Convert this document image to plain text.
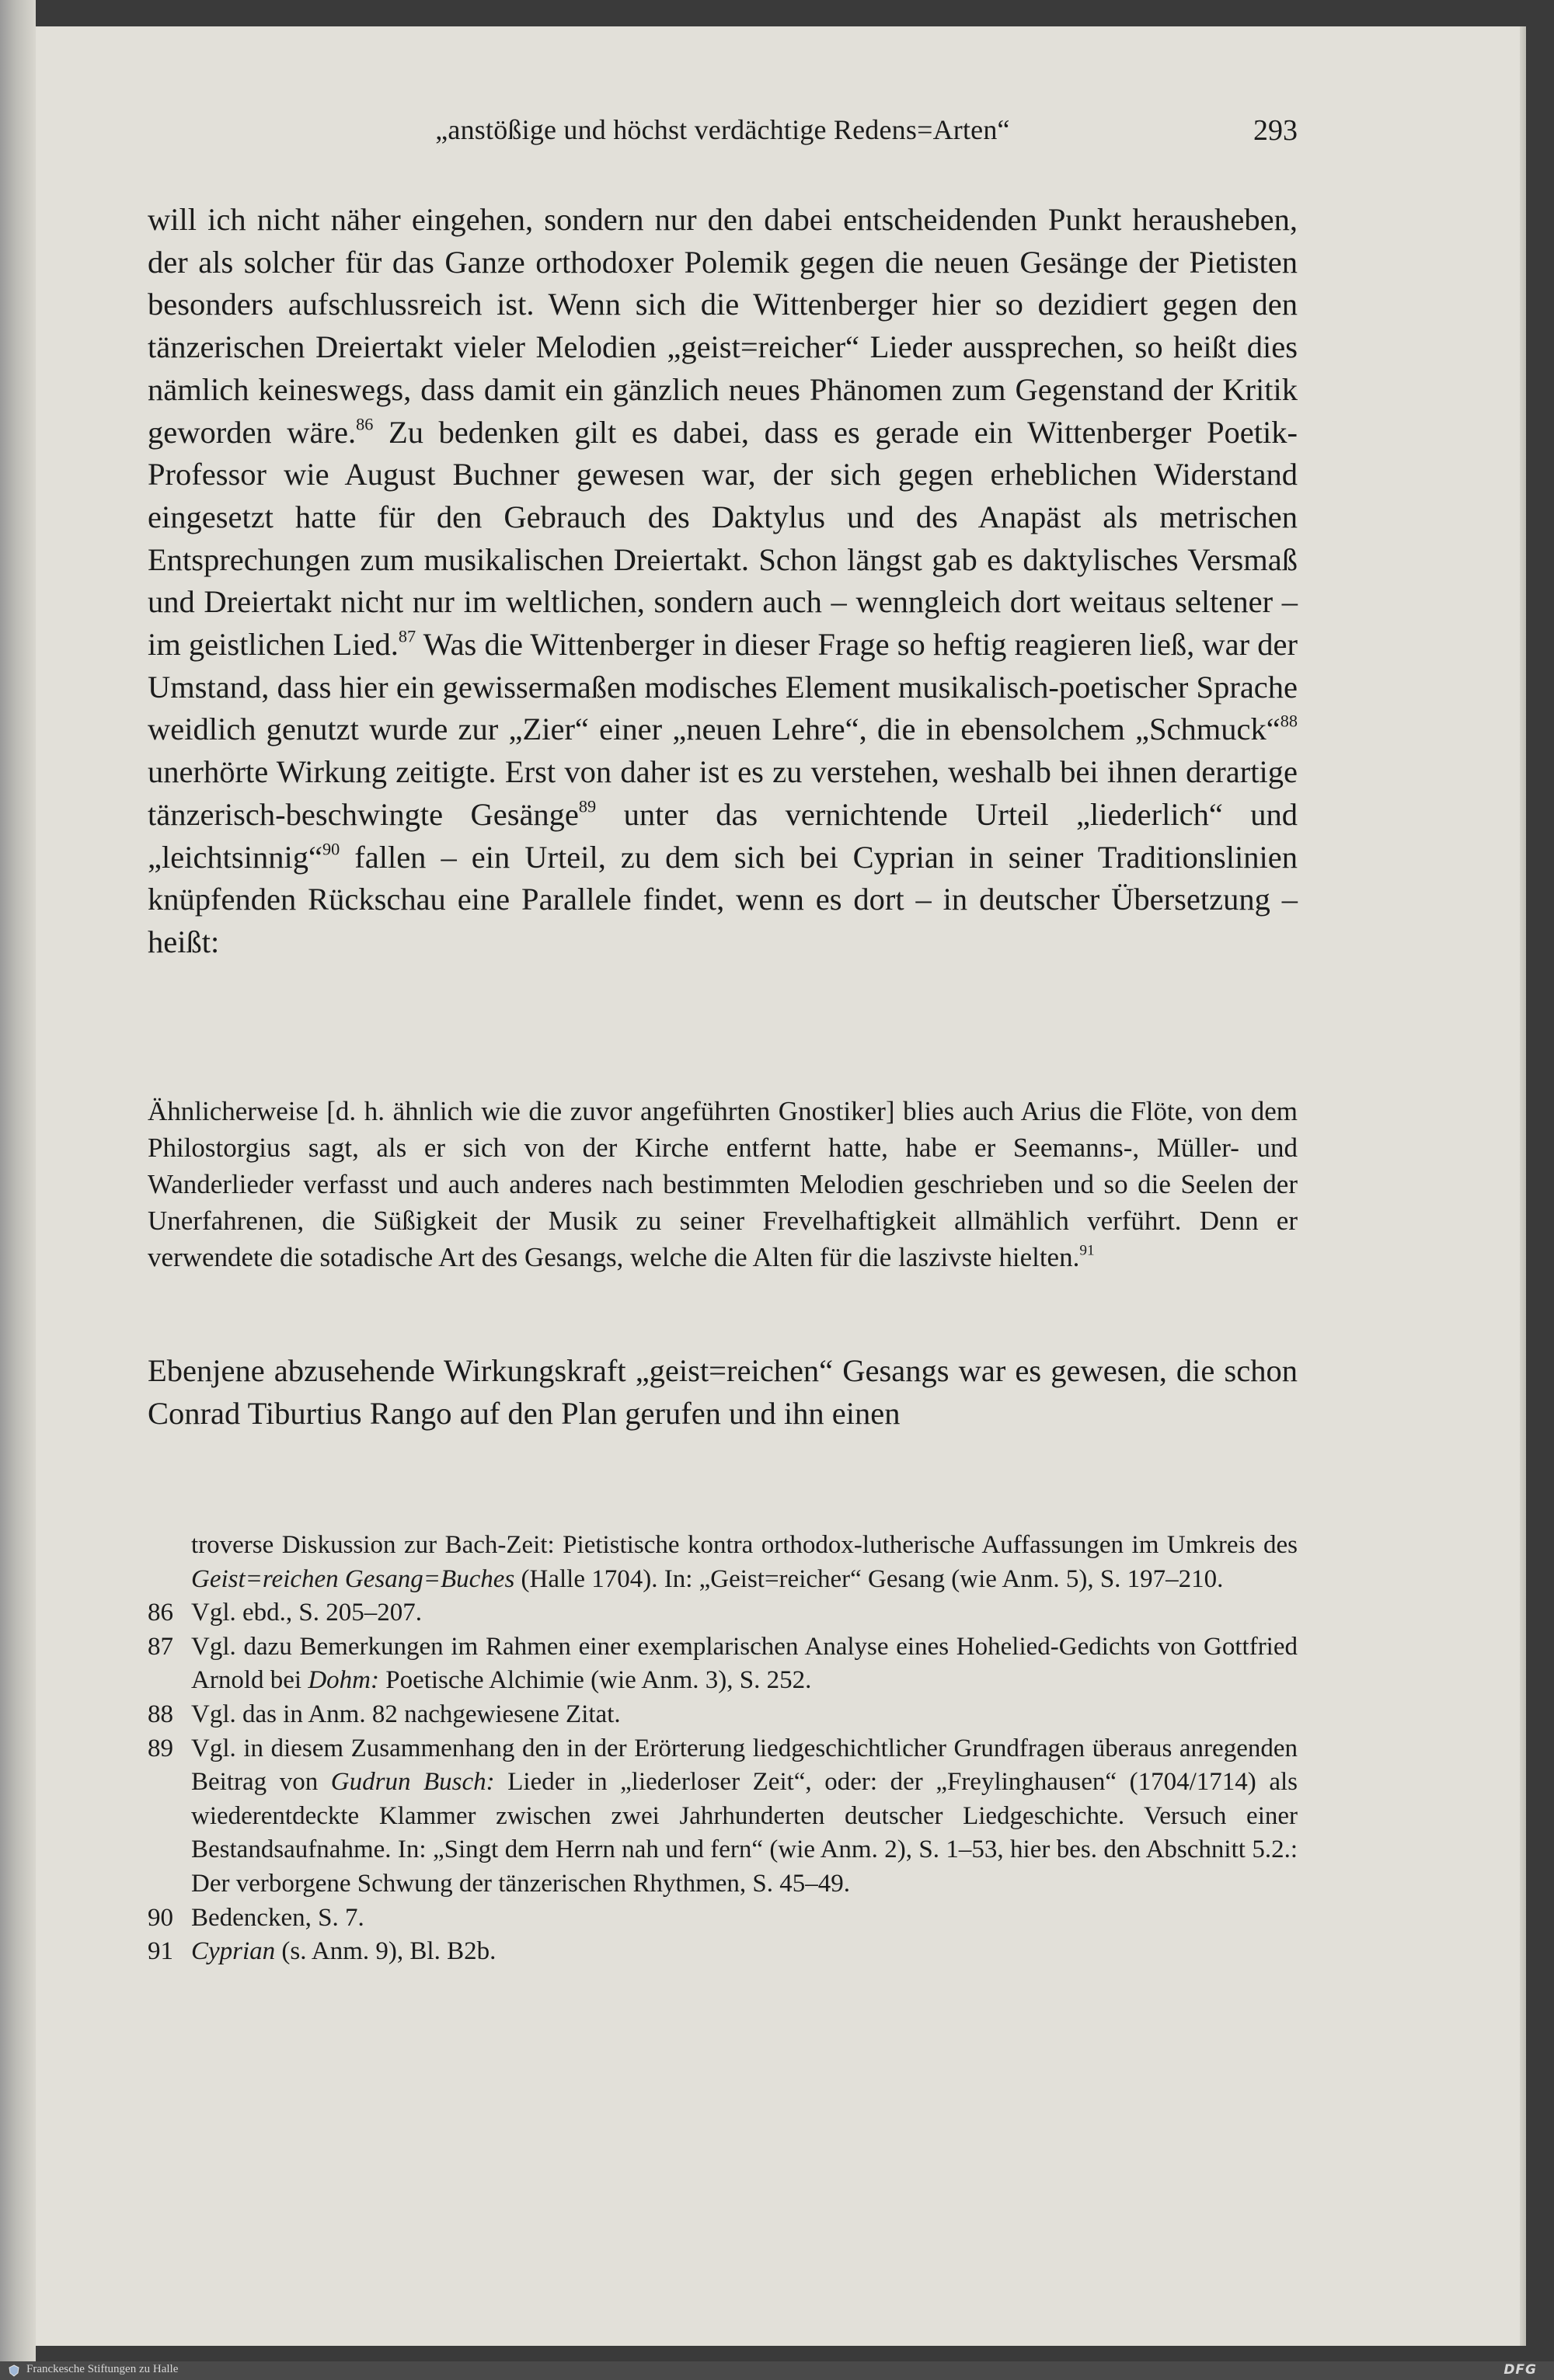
„anstößige und höchst verdächtige Redens=Arten“	293

will ich nicht näher eingehen, sondern nur den dabei entscheidenden Punkt herausheben, der als solcher für das Ganze orthodoxer Polemik gegen die neuen Gesänge der Pietisten besonders aufschlussreich ist. Wenn sich die Wittenberger hier so dezidiert gegen den tänzerischen Dreiertakt vieler Melodien „geist=reicher“ Lieder aussprechen, so heißt dies nämlich keineswegs, dass damit ein gänzlich neues Phänomen zum Gegenstand der Kritik geworden wäre.$^{86}$ Zu bedenken gilt es dabei, dass es gerade ein Wittenberger Poetik-Professor wie August Buchner gewesen war, der sich gegen erheblichen Widerstand eingesetzt hatte für den Gebrauch des Daktylus und des Anapäst als metrischen Entsprechungen zum musikalischen Dreiertakt. Schon längst gab es daktylisches Versmaß und Dreiertakt nicht nur im weltlichen, sondern auch – wenngleich dort weitaus seltener – im geistlichen Lied.$^{87}$ Was die Wittenberger in dieser Frage so heftig reagieren ließ, war der Umstand, dass hier ein gewissermaßen modisches Element musikalisch-poetischer Sprache weidlich genutzt wurde zur „Zier“ einer „neuen Lehre“, die in ebensolchem „Schmuck“$^{88}$ unerhörte Wirkung zeitigte. Erst von daher ist es zu verstehen, weshalb bei ihnen derartige tänzerisch-beschwingte Gesänge$^{89}$ unter das vernichtende Urteil „liederlich“ und „leichtsinnig“$^{90}$ fallen – ein Urteil, zu dem sich bei Cyprian in seiner Traditionslinien knüpfenden Rückschau eine Parallele findet, wenn es dort – in deutscher Übersetzung – heißt:

Ähnlicherweise [d. h. ähnlich wie die zuvor angeführten Gnostiker] blies auch Arius die Flöte, von dem Philostorgius sagt, als er sich von der Kirche entfernt hatte, habe er Seemanns-, Müller- und Wanderlieder verfasst und auch anderes nach bestimmten Melodien geschrieben und so die Seelen der Unerfahrenen, die Süßigkeit der Musik zu seiner Frevelhaftigkeit allmählich verführt. Denn er verwendete die sotadische Art des Gesangs, welche die Alten für die laszivste hielten.$^{91}$

Ebenjene abzusehende Wirkungskraft „geist=reichen“ Gesangs war es gewesen, die schon Conrad Tiburtius Rango auf den Plan gerufen und ihn einen

troverse Diskussion zur Bach-Zeit: Pietistische kontra orthodox-lutherische Auffassungen im Umkreis des Geist=reichen Gesang=Buches (Halle 1704). In: „Geist=reicher“ Gesang (wie Anm. 5), S. 197–210.
86 Vgl. ebd., S. 205–207.
87 Vgl. dazu Bemerkungen im Rahmen einer exemplarischen Analyse eines Hohelied-Gedichts von Gottfried Arnold bei Dohm: Poetische Alchimie (wie Anm. 3), S. 252.
88 Vgl. das in Anm. 82 nachgewiesene Zitat.
89 Vgl. in diesem Zusammenhang den in der Erörterung liedgeschichtlicher Grundfragen überaus anregenden Beitrag von Gudrun Busch: Lieder in „liederloser Zeit“, oder: der „Freylinghausen“ (1704/1714) als wiederentdeckte Klammer zwischen zwei Jahrhunderten deutscher Liedgeschichte. Versuch einer Bestandsaufnahme. In: „Singt dem Herrn nah und fern“ (wie Anm. 2), S. 1–53, hier bes. den Abschnitt 5.2.: Der verborgene Schwung der tänzerischen Rhythmen, S. 45–49.
90 Bedencken, S. 7.
91 Cyprian (s. Anm. 9), Bl. B2b.
Franckesche Stiftungen zu Halle	DFG
